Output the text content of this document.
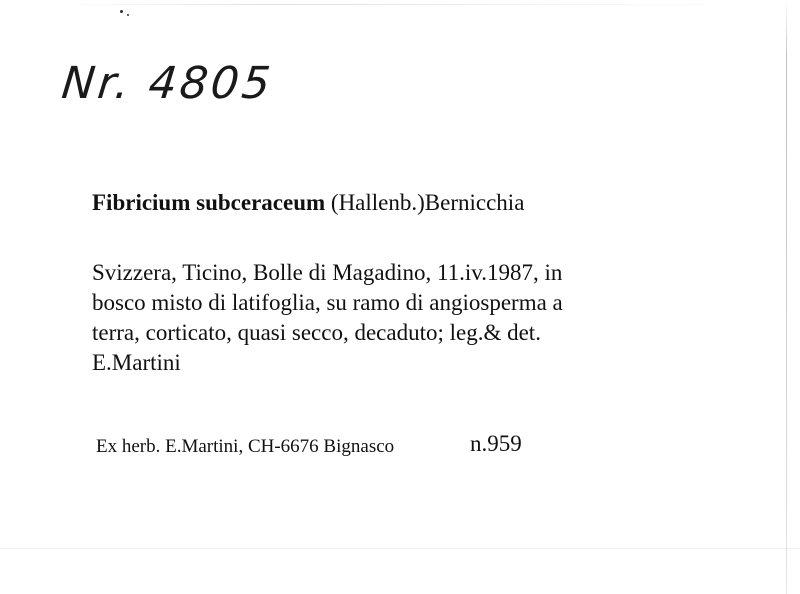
Nr. 4805
Fibricium subceraceum (Hallenb.)Bernicchia
Svizzera, Ticino, Bolle di Magadino, 11.iv.1987, in
bosco misto di latifoglia, su ramo di angiosperma a
terra, corticato, quasi secco, decaduto; leg.& det.
E.Martini
Ex herb. E.Martini, CH-6676 Bignasco	n.959
